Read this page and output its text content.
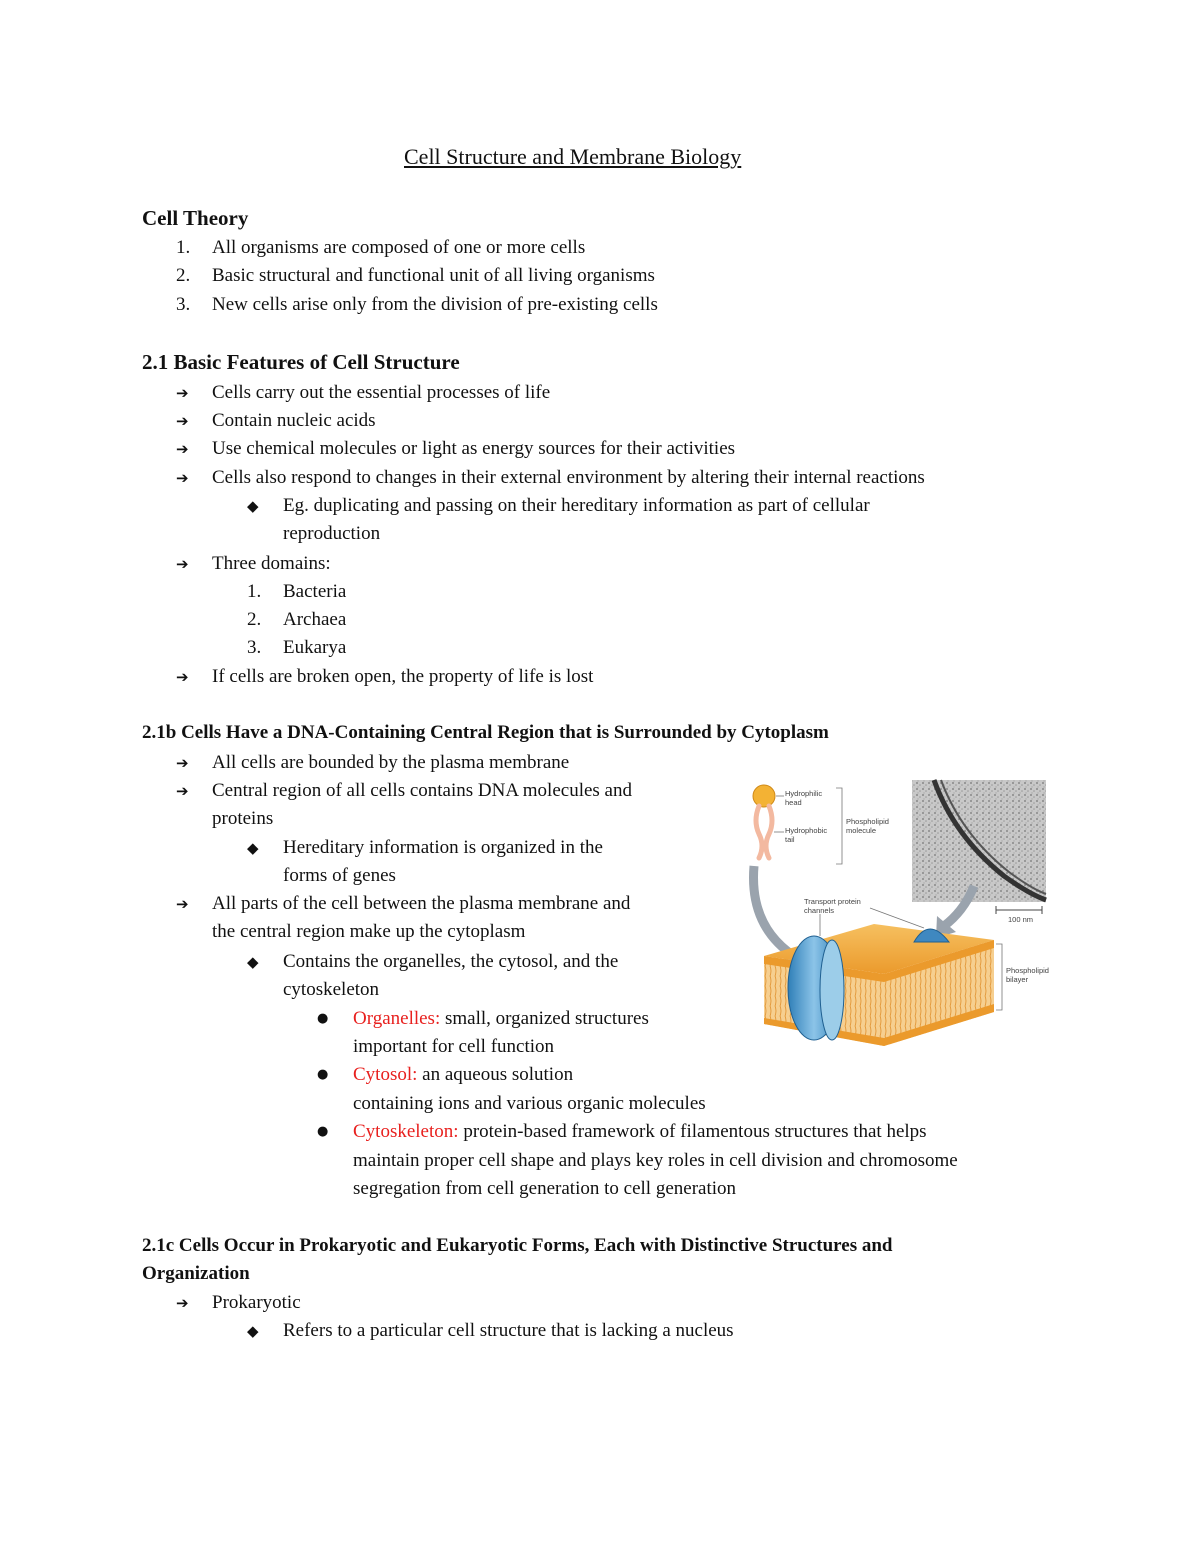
Cell Structure and Membrane Biology
Cell Theory
1. All organisms are composed of one or more cells
2. Basic structural and functional unit of all living organisms
3. New cells arise only from the division of pre-existing cells
2.1 Basic Features of Cell Structure
➔ Cells carry out the essential processes of life
➔ Contain nucleic acids
➔ Use chemical molecules or light as energy sources for their activities
➔ Cells also respond to changes in their external environment by altering their internal reactions
◆ Eg. duplicating and passing on their hereditary information as part of cellular
reproduction
➔ Three domains:
1. Bacteria
2. Archaea
3. Eukarya
➔ If cells are broken open, the property of life is lost
2.1b Cells Have a DNA-Containing Central Region that is Surrounded by Cytoplasm
➔ All cells are bounded by the plasma membrane
➔ Central region of all cells contains DNA molecules and
proteins
◆ Hereditary information is organized in the
forms of genes
➔ All parts of the cell between the plasma membrane and
the central region make up the cytoplasm
◆ Contains the organelles, the cytosol, and the
cytoskeleton
● Organelles: small, organized structures
important for cell function
● Cytosol: an aqueous solution
containing ions and various organic molecules
● Cytoskeleton: protein-based framework of filamentous structures that helps
maintain proper cell shape and plays key roles in cell division and chromosome
segregation from cell generation to cell generation
2.1c Cells Occur in Prokaryotic and Eukaryotic Forms, Each with Distinctive Structures and
Organization
➔ Prokaryotic
◆ Refers to a particular cell structure that is lacking a nucleus
Hydrophilic
head
Hydrophobic
tail
Phospholipid
molecule
100 nm
Transport protein
channels
Phospholipid
bilayer
